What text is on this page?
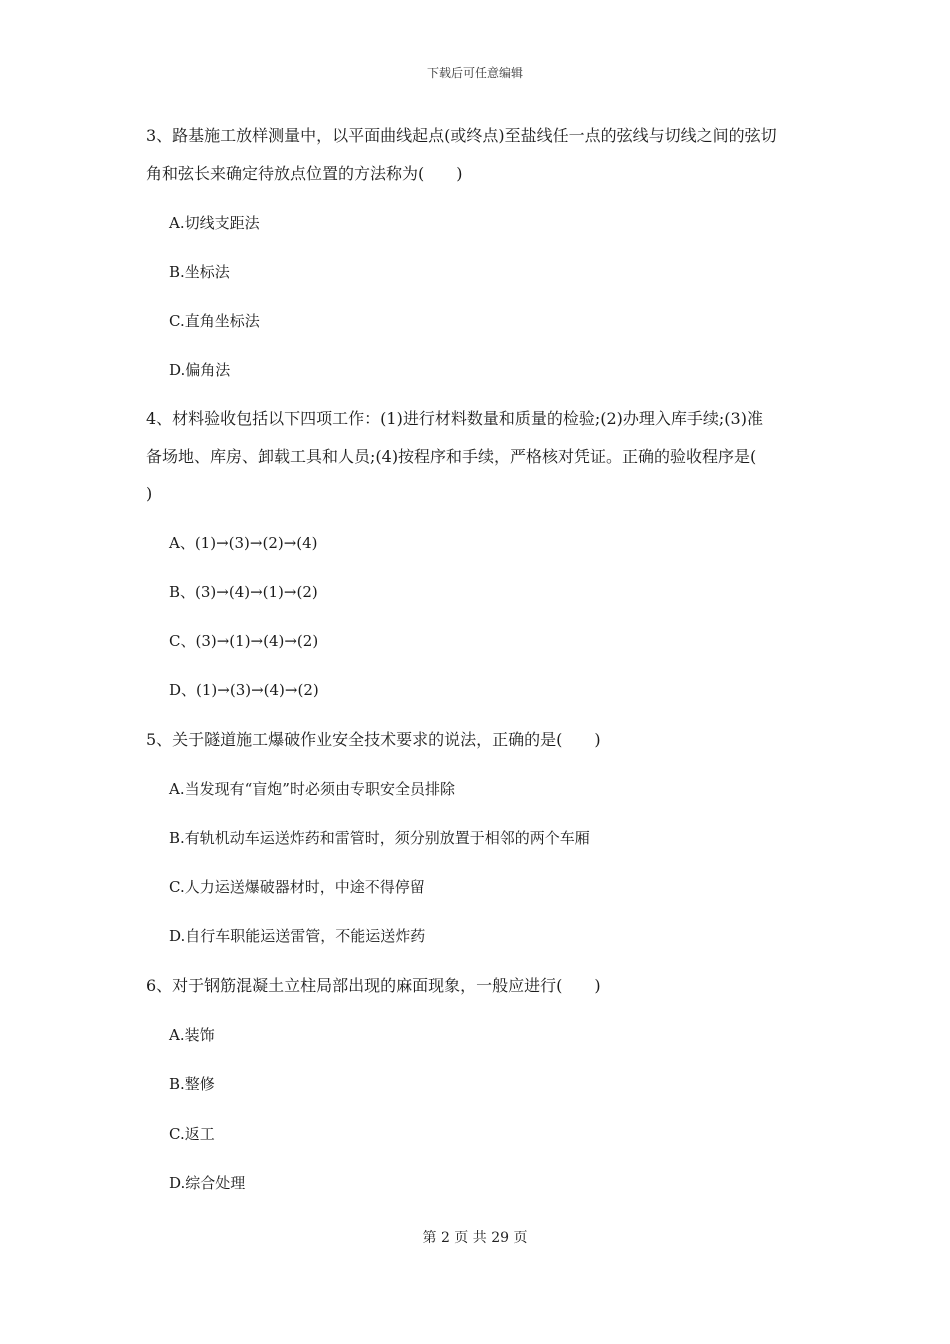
下载后可任意编辑
3、路基施工放样测量中，以平面曲线起点(或终点)至盐线任一点的弦线与切线之间的弦切
角和弦长来确定待放点位置的方法称为(　　)
A.切线支距法
B.坐标法
C.直角坐标法
D.偏角法
4、材料验收包括以下四项工作：(1)进行材料数量和质量的检验;(2)办理入库手续;(3)准
备场地、库房、卸载工具和人员;(4)按程序和手续，严格核对凭证。正确的验收程序是(
)
A、(1)→(3)→(2)→(4)
B、(3)→(4)→(1)→(2)
C、(3)→(1)→(4)→(2)
D、(1)→(3)→(4)→(2)
5、关于隧道施工爆破作业安全技术要求的说法，正确的是(　　)
A.当发现有“盲炮”时必须由专职安全员排除
B.有轨机动车运送炸药和雷管时，须分别放置于相邻的两个车厢
C.人力运送爆破器材时，中途不得停留
D.自行车职能运送雷管，不能运送炸药
6、对于钢筋混凝土立柱局部出现的麻面现象，一般应进行(　　)
A.装饰
B.整修
C.返工
D.综合处理
第 2 页 共 29 页
